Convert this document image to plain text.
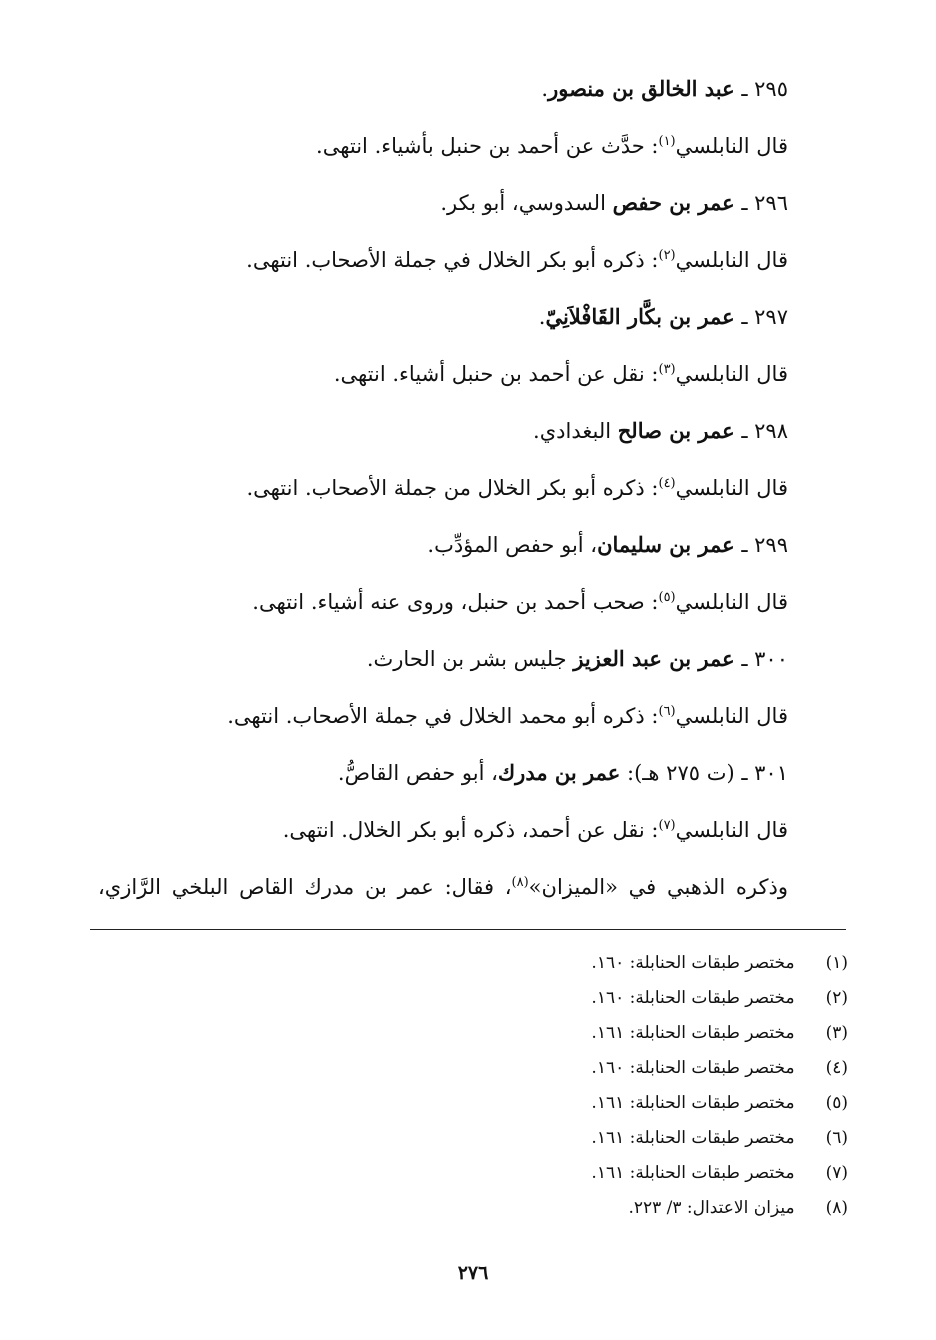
٢٩٥ ـ عبد الخالق بن منصور.
قال النابلسي$^{(١)}$: حدَّث عن أحمد بن حنبل بأشياء. انتهى.
٢٩٦ ـ عمر بن حفص السدوسي، أبو بكر.
قال النابلسي$^{(٢)}$: ذكره أبو بكر الخلال في جملة الأصحاب. انتهى.
٢٩٧ ـ عمر بن بكَّار القَافْلاَنِيّ.
قال النابلسي$^{(٣)}$: نقل عن أحمد بن حنبل أشياء. انتهى.
٢٩٨ ـ عمر بن صالح البغدادي.
قال النابلسي$^{(٤)}$: ذكره أبو بكر الخلال من جملة الأصحاب. انتهى.
٢٩٩ ـ عمر بن سليمان، أبو حفص المؤدِّب.
قال النابلسي$^{(٥)}$: صحب أحمد بن حنبل، وروى عنه أشياء. انتهى.
٣٠٠ ـ عمر بن عبد العزيز جليس بشر بن الحارث.
قال النابلسي$^{(٦)}$: ذكره أبو محمد الخلال في جملة الأصحاب. انتهى.
٣٠١ ـ (ت ٢٧٥ هـ): عمر بن مدرك، أبو حفص القاصُّ.
قال النابلسي$^{(٧)}$: نقل عن أحمد، ذكره أبو بكر الخلال. انتهى.
وذكره الذهبي في «الميزان»$^{(٨)}$، فقال: عمر بن مدرك القاص البلخي الرَّازي،
(١) مختصر طبقات الحنابلة: ١٦٠.
(٢) مختصر طبقات الحنابلة: ١٦٠.
(٣) مختصر طبقات الحنابلة: ١٦١.
(٤) مختصر طبقات الحنابلة: ١٦٠.
(٥) مختصر طبقات الحنابلة: ١٦١.
(٦) مختصر طبقات الحنابلة: ١٦١.
(٧) مختصر طبقات الحنابلة: ١٦١.
(٨) ميزان الاعتدال: ٣/ ٢٢٣.
٢٧٦
